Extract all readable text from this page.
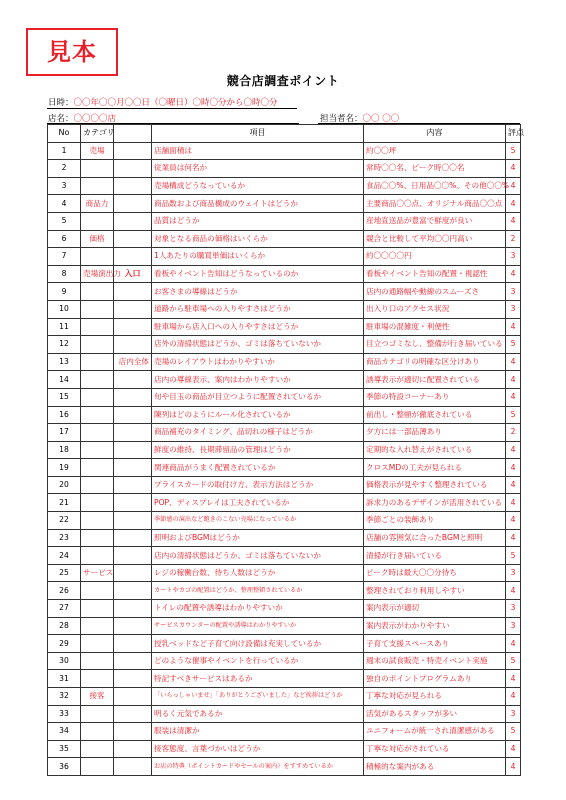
見本
競合店調査ポイント
日時：〇〇年〇〇月〇〇日（〇曜日）〇時〇分から〇時〇分
店名：〇〇〇〇店	担当者名：〇〇 〇〇
No	カテゴリ		項目	内容	評点
1	売場		店舗面積は	約〇〇坪	5
2			従業員は何名か	常時〇〇名、ピーク時〇〇名	4
3			売場構成どうなっているか	食品〇〇%、日用品〇〇%、その他〇〇%	4
4	商品力		商品数および商品構成のウェイトはどうか	主要商品〇〇点、オリジナル商品〇〇点	4
5			品質はどうか	産地直送品が豊富で鮮度が良い	4
6	価格		対象となる商品の価格はいくらか	競合と比較して平均〇〇円高い	2
7			1人あたりの購買単価はいくらか	約〇〇〇〇円	3
8	売場演出力	入口	看板やイベント告知はどうなっているのか	看板やイベント告知の配置・視認性	4
9			お客さまの導線はどうか	店内の通路幅や動線のスムーズさ	3
10			道路から駐車場への入りやすさはどうか	出入り口のアクセス状況	3
11			駐車場から店入口への入りやすさはどうか	駐車場の混雑度・利便性	4
12			店外の清掃状態はどうか、ゴミは落ちていないか	目立つゴミなし、整備が行き届いている	5
13		店内全体	売場のレイアウトはわかりやすいか	商品カテゴリの明確な区分けあり	4
14			店内の導線表示、案内はわかりやすいか	誘導表示が適切に配置されている	4
15			旬や目玉の商品が目立つように配置されているか	季節の特設コーナーあり	4
16			陳列はどのようにルール化されているか	前出し・整頓が徹底されている	5
17			商品補充のタイミング、品切れの様子はどうか	夕方には一部品薄あり	2
18			鮮度の維持、長期滞留品の管理はどうか	定期的な入れ替えがされている	4
19			関連商品がうまく配置されているか	クロスMDの工夫が見られる	4
20			プライスカードの取付け方、表示方法はどうか	価格表示が見やすく整理されている	4
21			POP、ディスプレイは工夫されているか	訴求力のあるデザインが活用されている	4
22			季節感の演出など飽きのこない売場になっているか	季節ごとの装飾あり	4
23			照明およびBGMはどうか	店舗の雰囲気に合ったBGMと照明	4
24			店内の清掃状態はどうか、ゴミは落ちていないか	清掃が行き届いている	5
25	サービス		レジの稼働台数、待ち人数はどうか	ピーク時は最大〇〇分待ち	3
26			カートやカゴの配置はどうか、整理整頓されているか	整理されており利用しやすい	4
27			トイレの配置や誘導はわかりやすいか	案内表示が適切	3
28			サービスカウンターの配置や誘導はわかりやすいか	案内表示がわかりやすい	3
29			授乳ベッドなど子育て向け設備は充実しているか	子育て支援スペースあり	4
30			どのような催事やイベントを行っているか	週末の試食販売・特売イベント実施	5
31			特記すべきサービスはあるか	独自のポイントプログラムあり	4
32	接客		「いらっしゃいませ」「ありがとうございました」など挨拶はどうか	丁寧な対応が見られる	4
33			明るく元気であるか	活気があるスタッフが多い	3
34			服装は清潔か	ユニフォームが統一され清潔感がある	5
35			接客態度、言葉づかいはどうか	丁寧な対応がされている	4
36			お店の特典（ポイントカードやセールの案内）をすすめているか	積極的な案内がある	4
